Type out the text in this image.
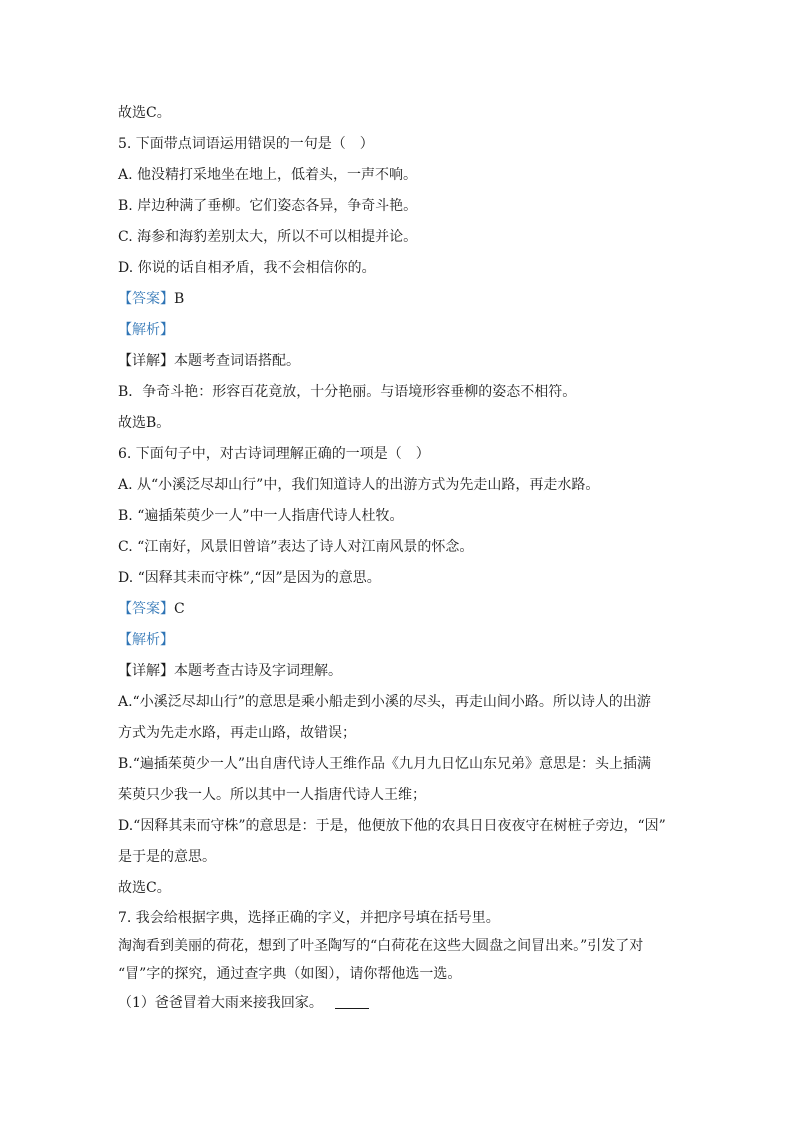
故选C。
5. 下面带点词语运用错误的一句是（　）
A. 他没精打采地坐在地上，低着头，一声不响。
B. 岸边种满了垂柳。它们姿态各异，争奇斗艳。
C. 海参和海豹差别太大，所以不可以相提并论。
D. 你说的话自相矛盾，我不会相信你的。
【答案】B
【解析】
【详解】本题考查词语搭配。
B．争奇斗艳：形容百花竟放，十分艳丽。与语境形容垂柳的姿态不相符。
故选B。
6. 下面句子中，对古诗词理解正确的一项是（　）
A. 从“小溪泛尽却山行”中，我们知道诗人的出游方式为先走山路，再走水路。
B. “遍插茱萸少一人”中一人指唐代诗人杜牧。
C. “江南好，风景旧曾谙”表达了诗人对江南风景的怀念。
D. “因释其耒而守株”,“因”是因为的意思。
【答案】C
【解析】
【详解】本题考查古诗及字词理解。
A.“小溪泛尽却山行”的意思是乘小船走到小溪的尽头，再走山间小路。所以诗人的出游
方式为先走水路，再走山路，故错误；
B.“遍插茱萸少一人”出自唐代诗人王维作品《九月九日忆山东兄弟》意思是：头上插满
茱萸只少我一人。所以其中一人指唐代诗人王维；
D.“因释其耒而守株”的意思是：于是，他便放下他的农具日日夜夜守在树桩子旁边，“因”
是于是的意思。
故选C。
7. 我会给根据字典，选择正确的字义，并把序号填在括号里。
淘淘看到美丽的荷花，想到了叶圣陶写的“白荷花在这些大圆盘之间冒出来。”引发了对
“冒”字的探究，通过查字典（如图），请你帮他选一选。
（1）爸爸冒着大雨来接我回家。
